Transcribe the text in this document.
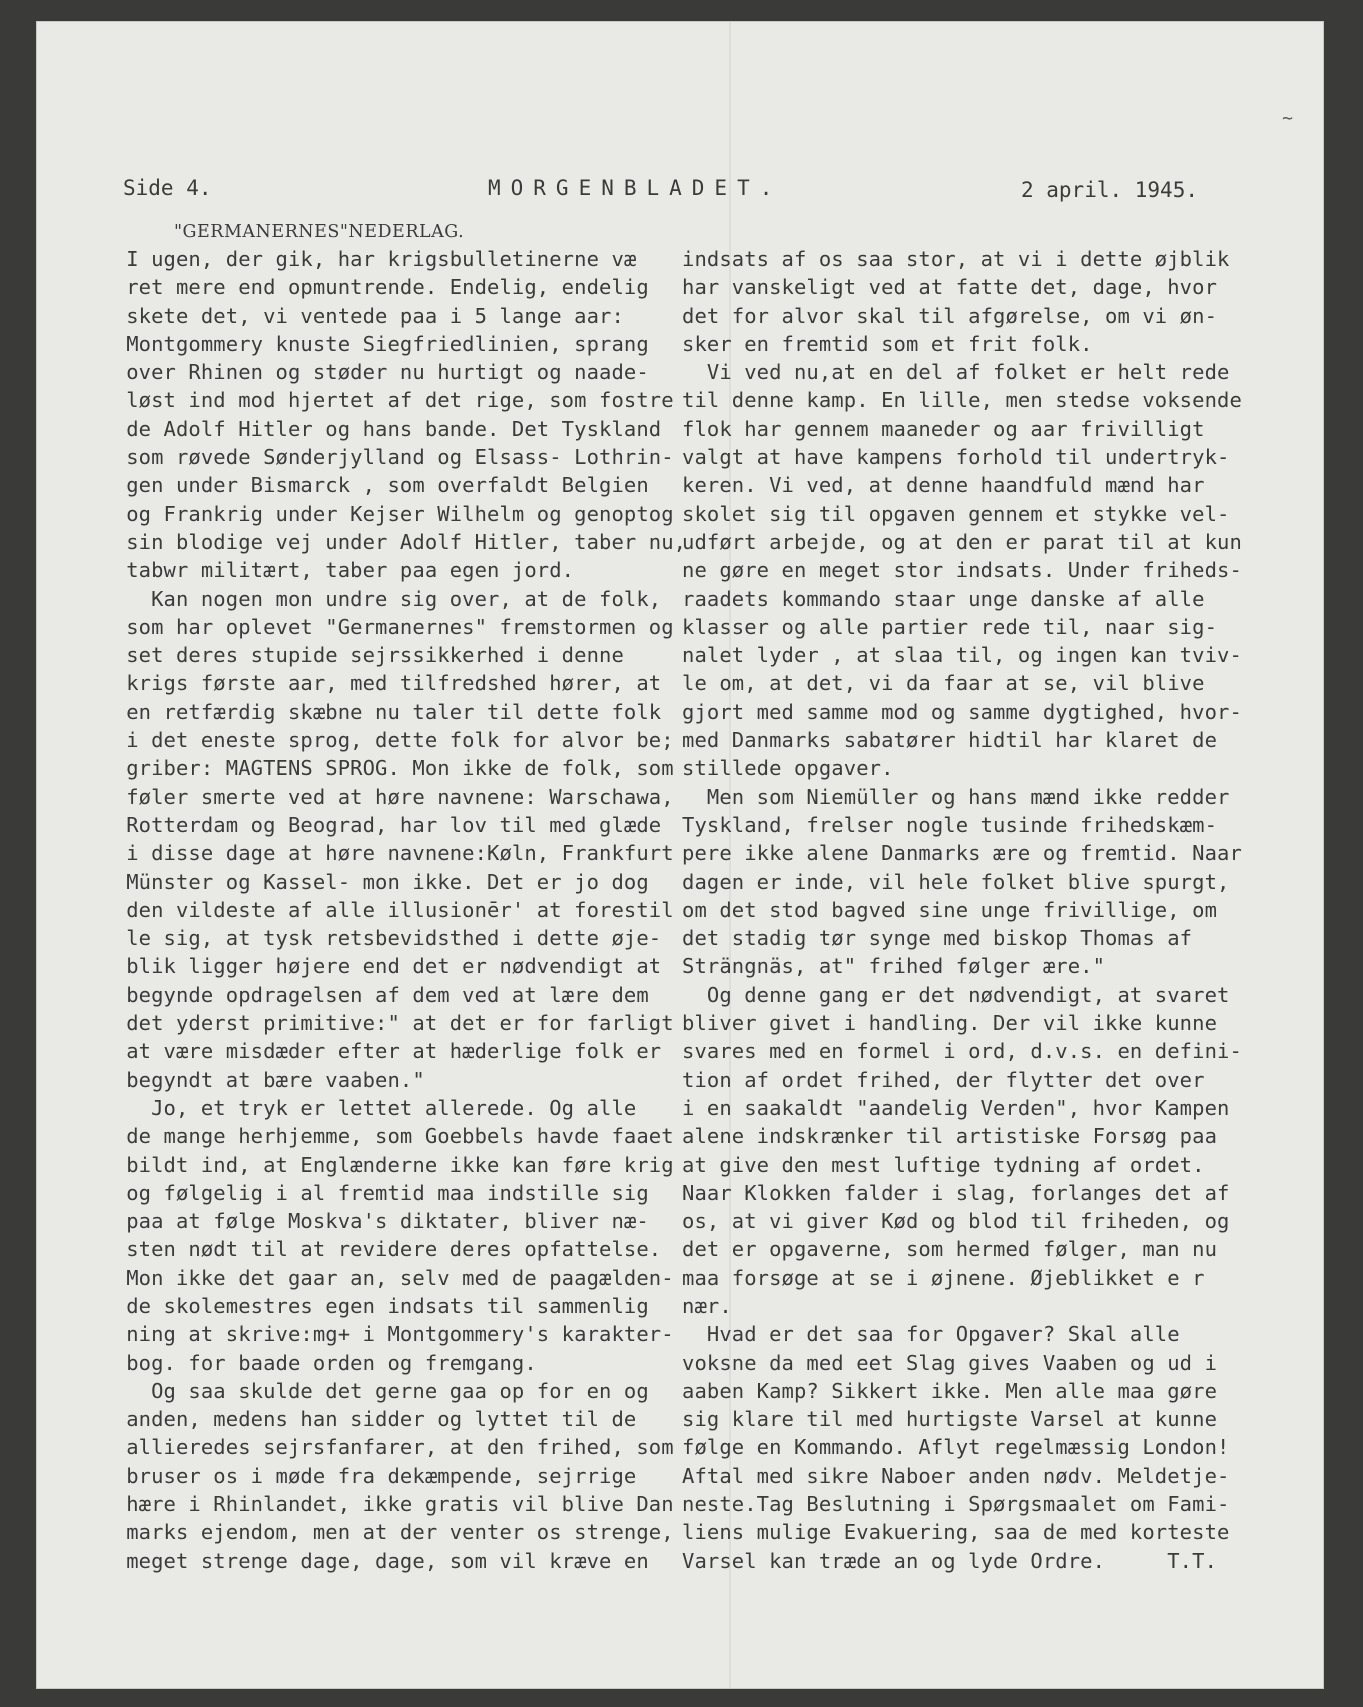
~
Side 4.	MORGENBLADET.	2 april. 1945.
"GERMANERNES"NEDERLAG.
I ugen, der gik, har krigsbulletinerne væ
ret mere end opmuntrende. Endelig, endelig
skete det, vi ventede paa i 5 lange aar:
Montgommery knuste Siegfriedlinien, sprang
over Rhinen og støder nu hurtigt og naade-
løst ind mod hjertet af det rige, som fostre
de Adolf Hitler og hans bande. Det Tyskland
som røvede Sønderjylland og Elsass- Lothrin-
gen under Bismarck , som overfaldt Belgien
og Frankrig under Kejser Wilhelm og genoptog
sin blodige vej under Adolf Hitler, taber nu,
tabwr militært, taber paa egen jord.
Kan nogen mon undre sig over, at de folk,
som har oplevet "Germanernes" fremstormen og
set deres stupide sejrssikkerhed i denne
krigs første aar, med tilfredshed hører, at
en retfærdig skæbne nu taler til dette folk
i det eneste sprog, dette folk for alvor be;
griber: MAGTENS SPROG. Mon ikke de folk, som
føler smerte ved at høre navnene: Warschawa,
Rotterdam og Beograd, har lov til med glæde
i disse dage at høre navnene:Køln, Frankfurt
Münster og Kassel- mon ikke. Det er jo dog
den vildeste af alle illusionēr' at forestil
le sig, at tysk retsbevidsthed i dette øje-
blik ligger højere end det er nødvendigt at
begynde opdragelsen af dem ved at lære dem
det yderst primitive:" at det er for farligt
at være misdæder efter at hæderlige folk er
begyndt at bære vaaben."
Jo, et tryk er lettet allerede. Og alle
de mange herhjemme, som Goebbels havde faaet
bildt ind, at Englænderne ikke kan føre krig
og følgelig i al fremtid maa indstille sig
paa at følge Moskva's diktater, bliver næ-
sten nødt til at revidere deres opfattelse.
Mon ikke det gaar an, selv med de paagælden-
de skolemestres egen indsats til sammenlig
ning at skrive:mg+ i Montgommery's karakter-
bog. for baade orden og fremgang.
Og saa skulde det gerne gaa op for en og
anden, medens han sidder og lyttet til de
allieredes sejrsfanfarer, at den frihed, som
bruser os i møde fra dekæmpende, sejrrige
hære i Rhinlandet, ikke gratis vil blive Dan
marks ejendom, men at der venter os strenge,
meget strenge dage, dage, som vil kræve en
indsats af os saa stor, at vi i dette øjblik
har vanskeligt ved at fatte det, dage, hvor
det for alvor skal til afgørelse, om vi øn-
sker en fremtid som et frit folk.
Vi ved nu,at en del af folket er helt rede
til denne kamp. En lille, men stedse voksende
flok har gennem maaneder og aar frivilligt
valgt at have kampens forhold til undertryk-
keren. Vi ved, at denne haandfuld mænd har
skolet sig til opgaven gennem et stykke vel-
udført arbejde, og at den er parat til at kun
ne gøre en meget stor indsats. Under friheds-
raadets kommando staar unge danske af alle
klasser og alle partier rede til, naar sig-
nalet lyder , at slaa til, og ingen kan tviv-
le om, at det, vi da faar at se, vil blive
gjort med samme mod og samme dygtighed, hvor-
med Danmarks sabatører hidtil har klaret de
stillede opgaver.
Men som Niemüller og hans mænd ikke redder
Tyskland, frelser nogle tusinde frihedskæm-
pere ikke alene Danmarks ære og fremtid. Naar
dagen er inde, vil hele folket blive spurgt,
om det stod bagved sine unge frivillige, om
det stadig tør synge med biskop Thomas af
Strängnäs, at" frihed følger ære."
Og denne gang er det nødvendigt, at svaret
bliver givet i handling. Der vil ikke kunne
svares med en formel i ord, d.v.s. en defini-
tion af ordet frihed, der flytter det over
i en saakaldt "aandelig Verden", hvor Kampen
alene indskrænker til artistiske Forsøg paa
at give den mest luftige tydning af ordet.
Naar Klokken falder i slag, forlanges det af
os, at vi giver Kød og blod til friheden, og
det er opgaverne, som hermed følger, man nu
maa forsøge at se i øjnene. Øjeblikket e r
nær.
Hvad er det saa for Opgaver? Skal alle
voksne da med eet Slag gives Vaaben og ud i
aaben Kamp? Sikkert ikke. Men alle maa gøre
sig klare til med hurtigste Varsel at kunne
følge en Kommando. Aflyt regelmæssig London!
Aftal med sikre Naboer anden nødv. Meldetje-
neste.Tag Beslutning i Spørgsmaalet om Fami-
liens mulige Evakuering, saa de med korteste
Varsel kan træde an og lyde Ordre.     T.T.
